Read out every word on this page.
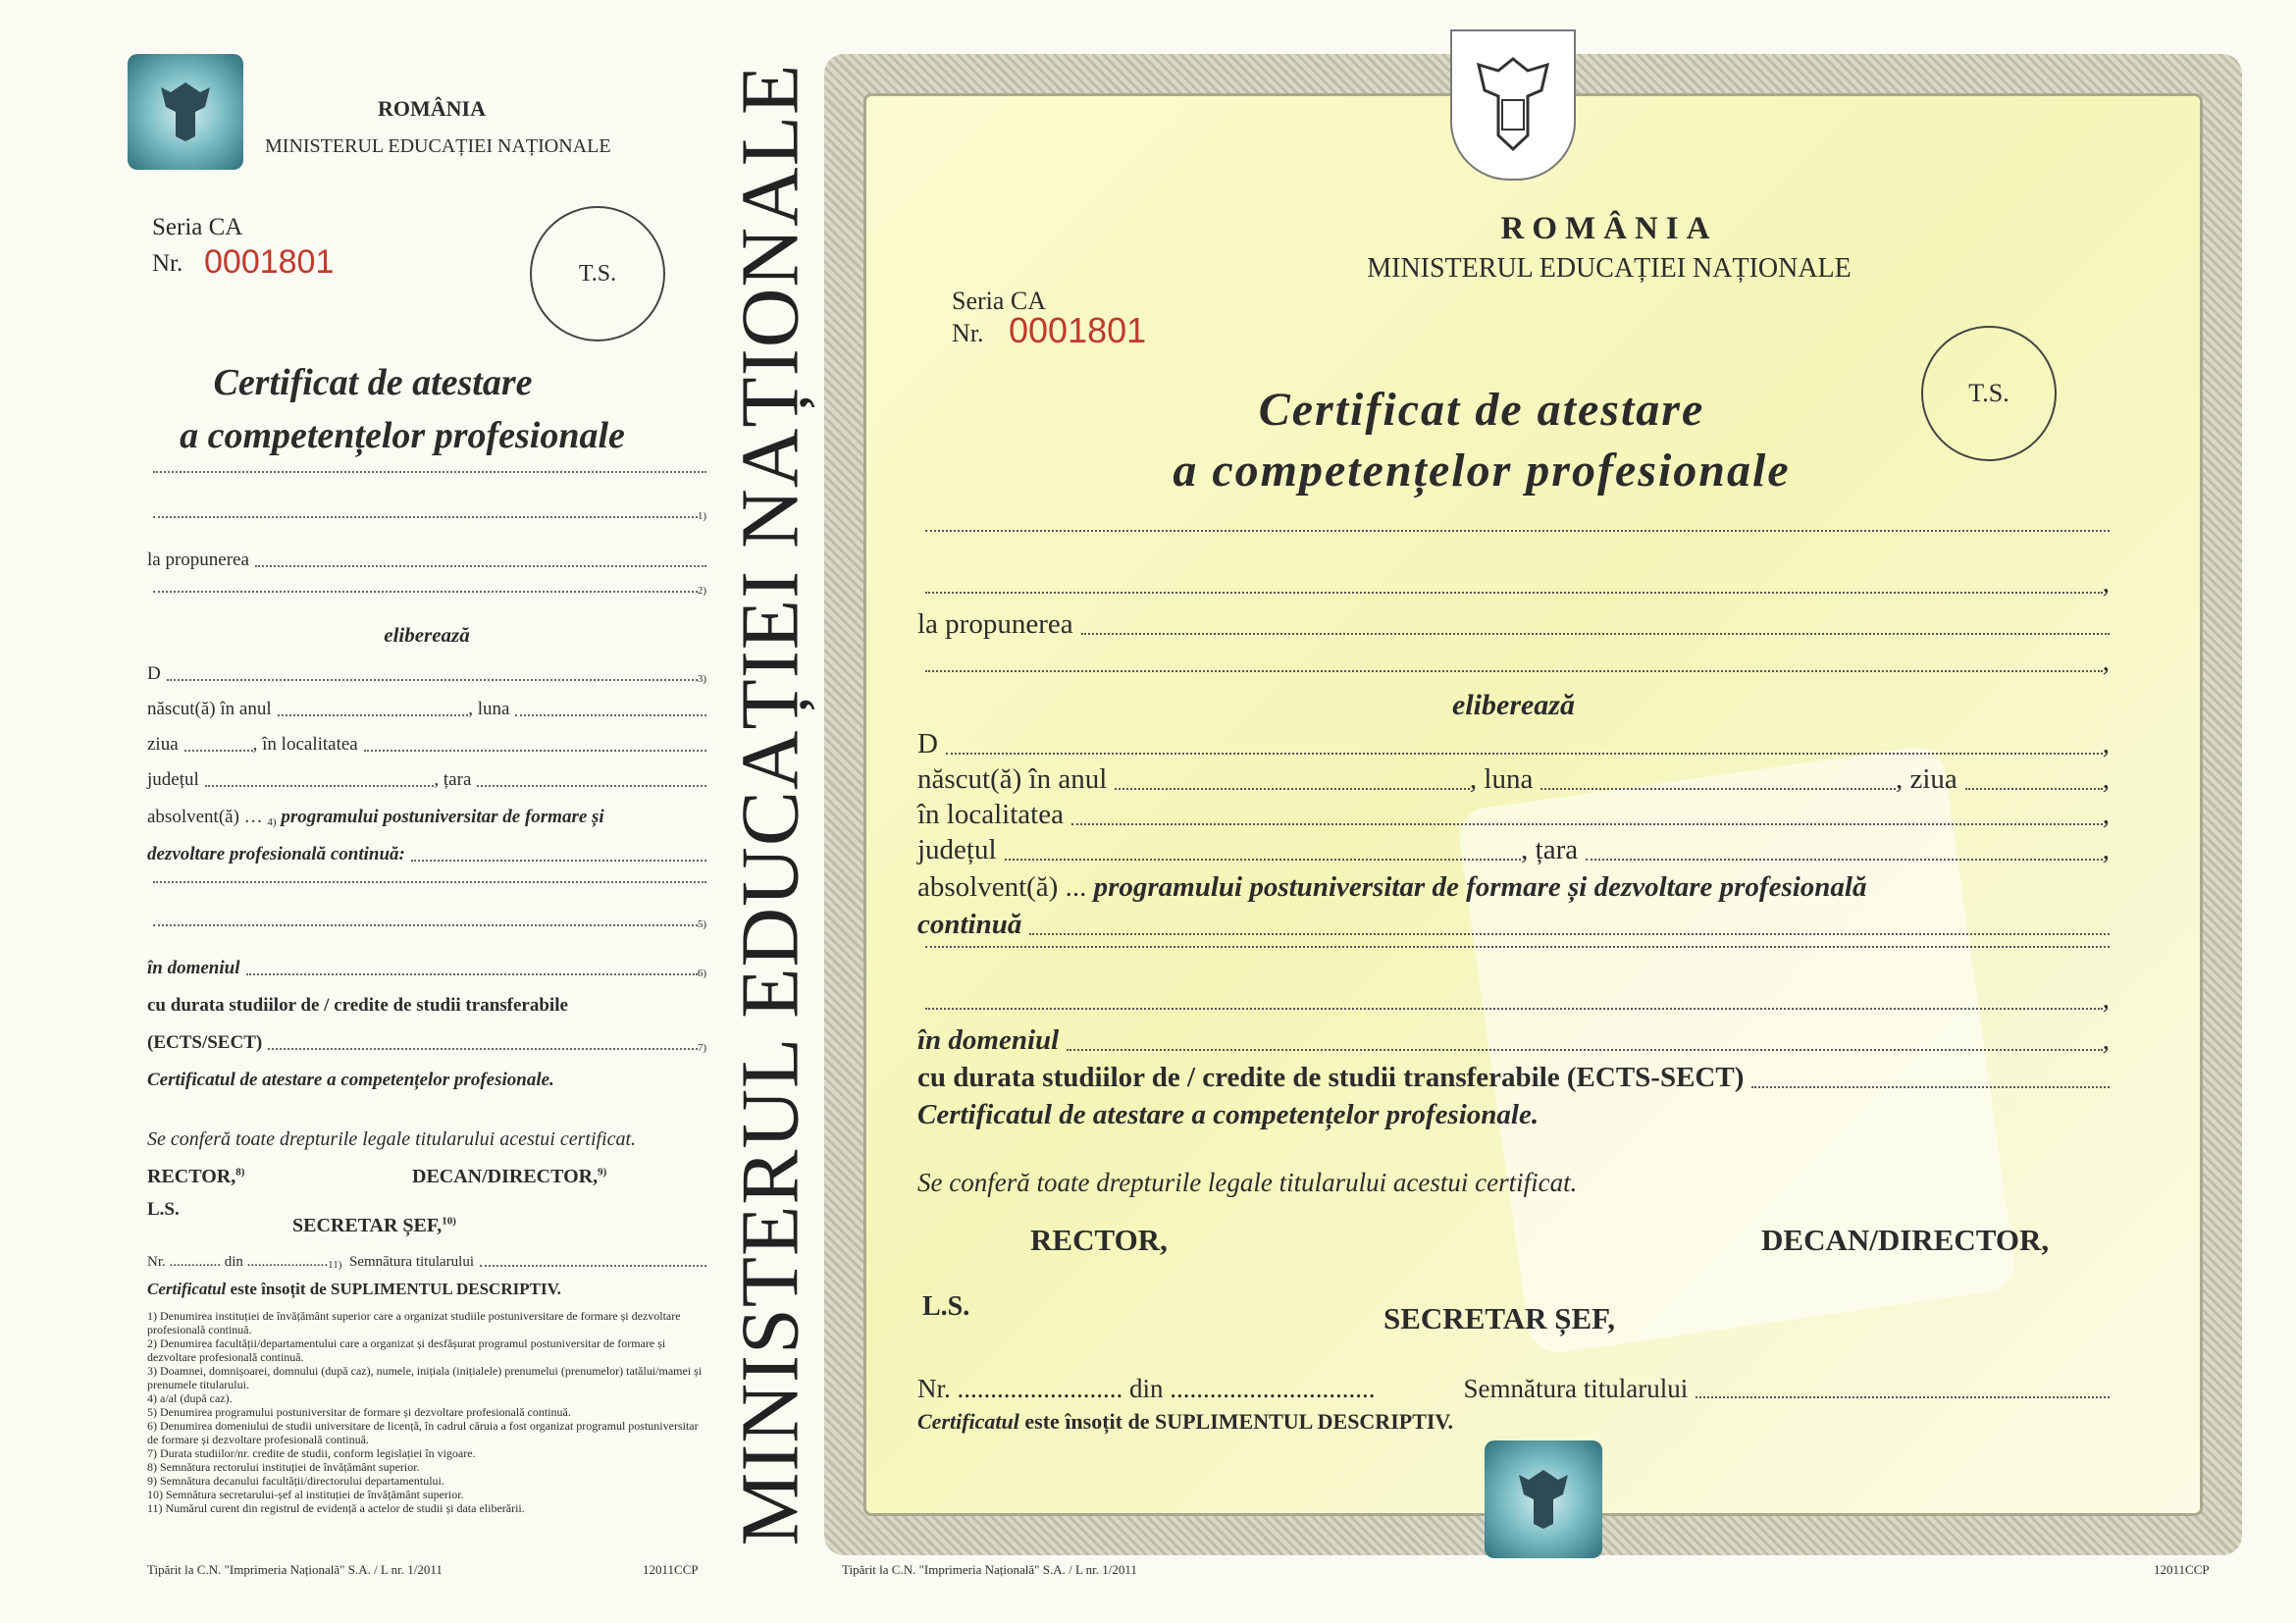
ROMÂNIA
MINISTERUL EDUCAȚIEI NAȚIONALE
Seria CA
Nr. 0001801	T.S.
Certificat de atestare
a competențelor profesionale
1)
la propunerea
2)
eliberează
D	3)
născut(ă) în anul	, luna
ziua	, în localitatea
județul	, țara
absolvent(ă) … 4)
programului postuniversitar de formare și
dezvoltare profesională continuă:
5)
în domeniul	6)
cu durata studiilor de / credite de studii transferabile
(ECTS/SECT)	7)
Certificatul de atestare a competențelor profesionale.
Se conferă toate drepturile legale titularului acestui certificat.
RECTOR,$^{8)}$	DECAN/DIRECTOR,$^{9)}$
L.S.
SECRETAR ȘEF,$^{10)}$
Nr. .............. din ...................... 11)
Semnătura titularului
Certificatul
este însoțit de SUPLIMENTUL DESCRIPTIV.
1) Denumirea instituției de învățământ superior care a organizat studiile postuniversitare de formare și dezvoltare profesională continuă.
2) Denumirea facultății/departamentului care a organizat și desfășurat programul postuniversitar de formare și dezvoltare profesională continuă.
3) Doamnei, domnișoarei, domnului (după caz), numele, inițiala (inițialele) prenumelui (prenumelor) tatălui/mamei și prenumele titularului.
4) a/al (după caz).
5) Denumirea programului postuniversitar de formare și dezvoltare profesională continuă.
6) Denumirea domeniului de studii universitare de licență, în cadrul căruia a fost organizat programul postuniversitar de formare și dezvoltare profesională continuă.
7) Durata studiilor/nr. credite de studii, conform legislației în vigoare.
8) Semnătura rectorului instituției de învățământ superior.
9) Semnătura decanului facultății/directorului departamentului.
10) Semnătura secretarului-șef al instituției de învățământ superior.
11) Numărul curent din registrul de evidență a actelor de studii și data eliberării.
Tipărit la C.N. "Imprimeria Națională" S.A. / L nr. 1/2011	12011CCP
MINISTERUL EDUCAȚIEI NAȚIONALE	ROMÂNIA
MINISTERUL EDUCAȚIEI NAȚIONALE
Seria CA
Nr. 0001801
T.S.
Certificat de atestare
a competențelor profesionale
,
la propunerea
,
eliberează
D	,
născut(ă) în anul	, luna	, ziua	,
în localitatea	,
județul	, țara	,
absolvent(ă) ...
programului postuniversitar de formare și dezvoltare profesională
continuă
,
în domeniul	,
cu durata studiilor de / credite de studii transferabile (ECTS-SECT)
Certificatul de atestare a competențelor profesionale.
Se conferă toate drepturile legale titularului acestui certificat.
RECTOR,	DECAN/DIRECTOR,
L.S.	SECRETAR ȘEF,
Nr. ......................... din ...............................	Semnătura titularului
Certificatul
este însoțit de SUPLIMENTUL DESCRIPTIV.
Tipărit la C.N. "Imprimeria Națională" S.A. / L nr. 1/2011	12011CCP
